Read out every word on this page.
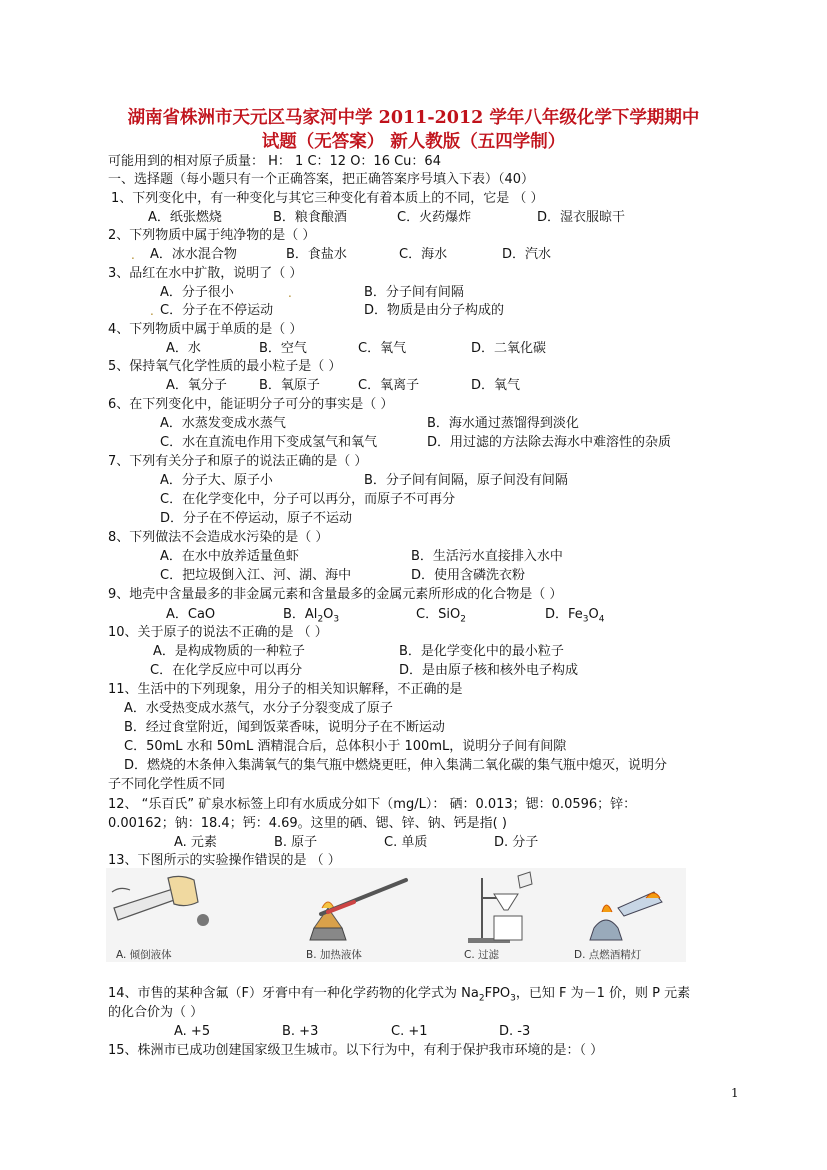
湖南省株洲市天元区马家河中学 2011-2012 学年八年级化学下学期期中
试题（无答案） 新人教版（五四学制）
可能用到的相对原子质量： H： 1 C：12 O：16 Cu：64
一、选择题（每小题只有一个正确答案，把正确答案序号填入下表）（40）
1、下列变化中，有一种变化与其它三种变化有着本质上的不同，它是 （ ）
A．纸张燃烧	B．粮食酿酒	C．火药爆炸	D．湿衣服晾干
2、下列物质中属于纯净物的是（ ）
. A．冰水混合物	B．食盐水	C．海水	D．汽水
3、品红在水中扩散，说明了（ ）
A．分子很小	.	B．分子间有间隔
. C．分子在不停运动	D．物质是由分子构成的
4、下列物质中属于单质的是（ ）
A．水	B．空气	C．氧气	D．二氧化碳
5、保持氧气化学性质的最小粒子是（ ）
A．氧分子 B．氧原子	C．氧离子	D．氧气
6、在下列变化中，能证明分子可分的事实是（ ）
A．水蒸发变成水蒸气	B．海水通过蒸馏得到淡化
C．水在直流电作用下变成氢气和氧气	D．用过滤的方法除去海水中难溶性的杂质
7、下列有关分子和原子的说法正确的是（ ）
A．分子大、原子小	B．分子间有间隔，原子间没有间隔
C．在化学变化中，分子可以再分，而原子不可再分
D．分子在不停运动，原子不运动
8、下列做法不会造成水污染的是（ ）
A．在水中放养适量鱼虾	B．生活污水直接排入水中
C．把垃圾倒入江、河、湖、海中	D．使用含磷洗衣粉
9、地壳中含量最多的非金属元素和含量最多的金属元素所形成的化合物是（ ）
A．CaO	B．$Al_2O_3$	C．SiO$_2$	D．$Fe_3O_4$
10、关于原子的说法不正确的是 （ ）
A．是构成物质的一种粒子	B．是化学变化中的最小粒子
C．在化学反应中可以再分	D．是由原子核和核外电子构成
11、生活中的下列现象，用分子的相关知识解释，不正确的是
A．水受热变成水蒸气，水分子分裂变成了原子
B．经过食堂附近，闻到饭菜香味，说明分子在不断运动
C．50mL 水和 50mL 酒精混合后，总体积小于 100mL，说明分子间有间隙
D．燃烧的木条伸入集满氧气的集气瓶中燃烧更旺，伸入集满二氧化碳的集气瓶中熄灭，说明分
子不同化学性质不同
12、 “乐百氏” 矿泉水标签上印有水质成分如下（mg/L）： 硒：0.013；锶：0.0596；锌：
0.00162；钠：18.4；钙：4.69。这里的硒、锶、锌、钠、钙是指( )
A. 元素	B. 原子	C. 单质	D. 分子
13、下图所示的实验操作错误的是 （ ）
A. 倾倒液体	B. 加热液体	C. 过滤	D. 点燃酒精灯
14、市售的某种含氟（F）牙膏中有一种化学药物的化学式为 $Na_2FPO_3$，已知 F 为－1 价，则 P 元素
的化合价为（ ）
A. +5	B. +3	C. +1	D. -3
15、株洲市已成功创建国家级卫生城市。以下行为中，有利于保护我市环境的是：（ ）
1
